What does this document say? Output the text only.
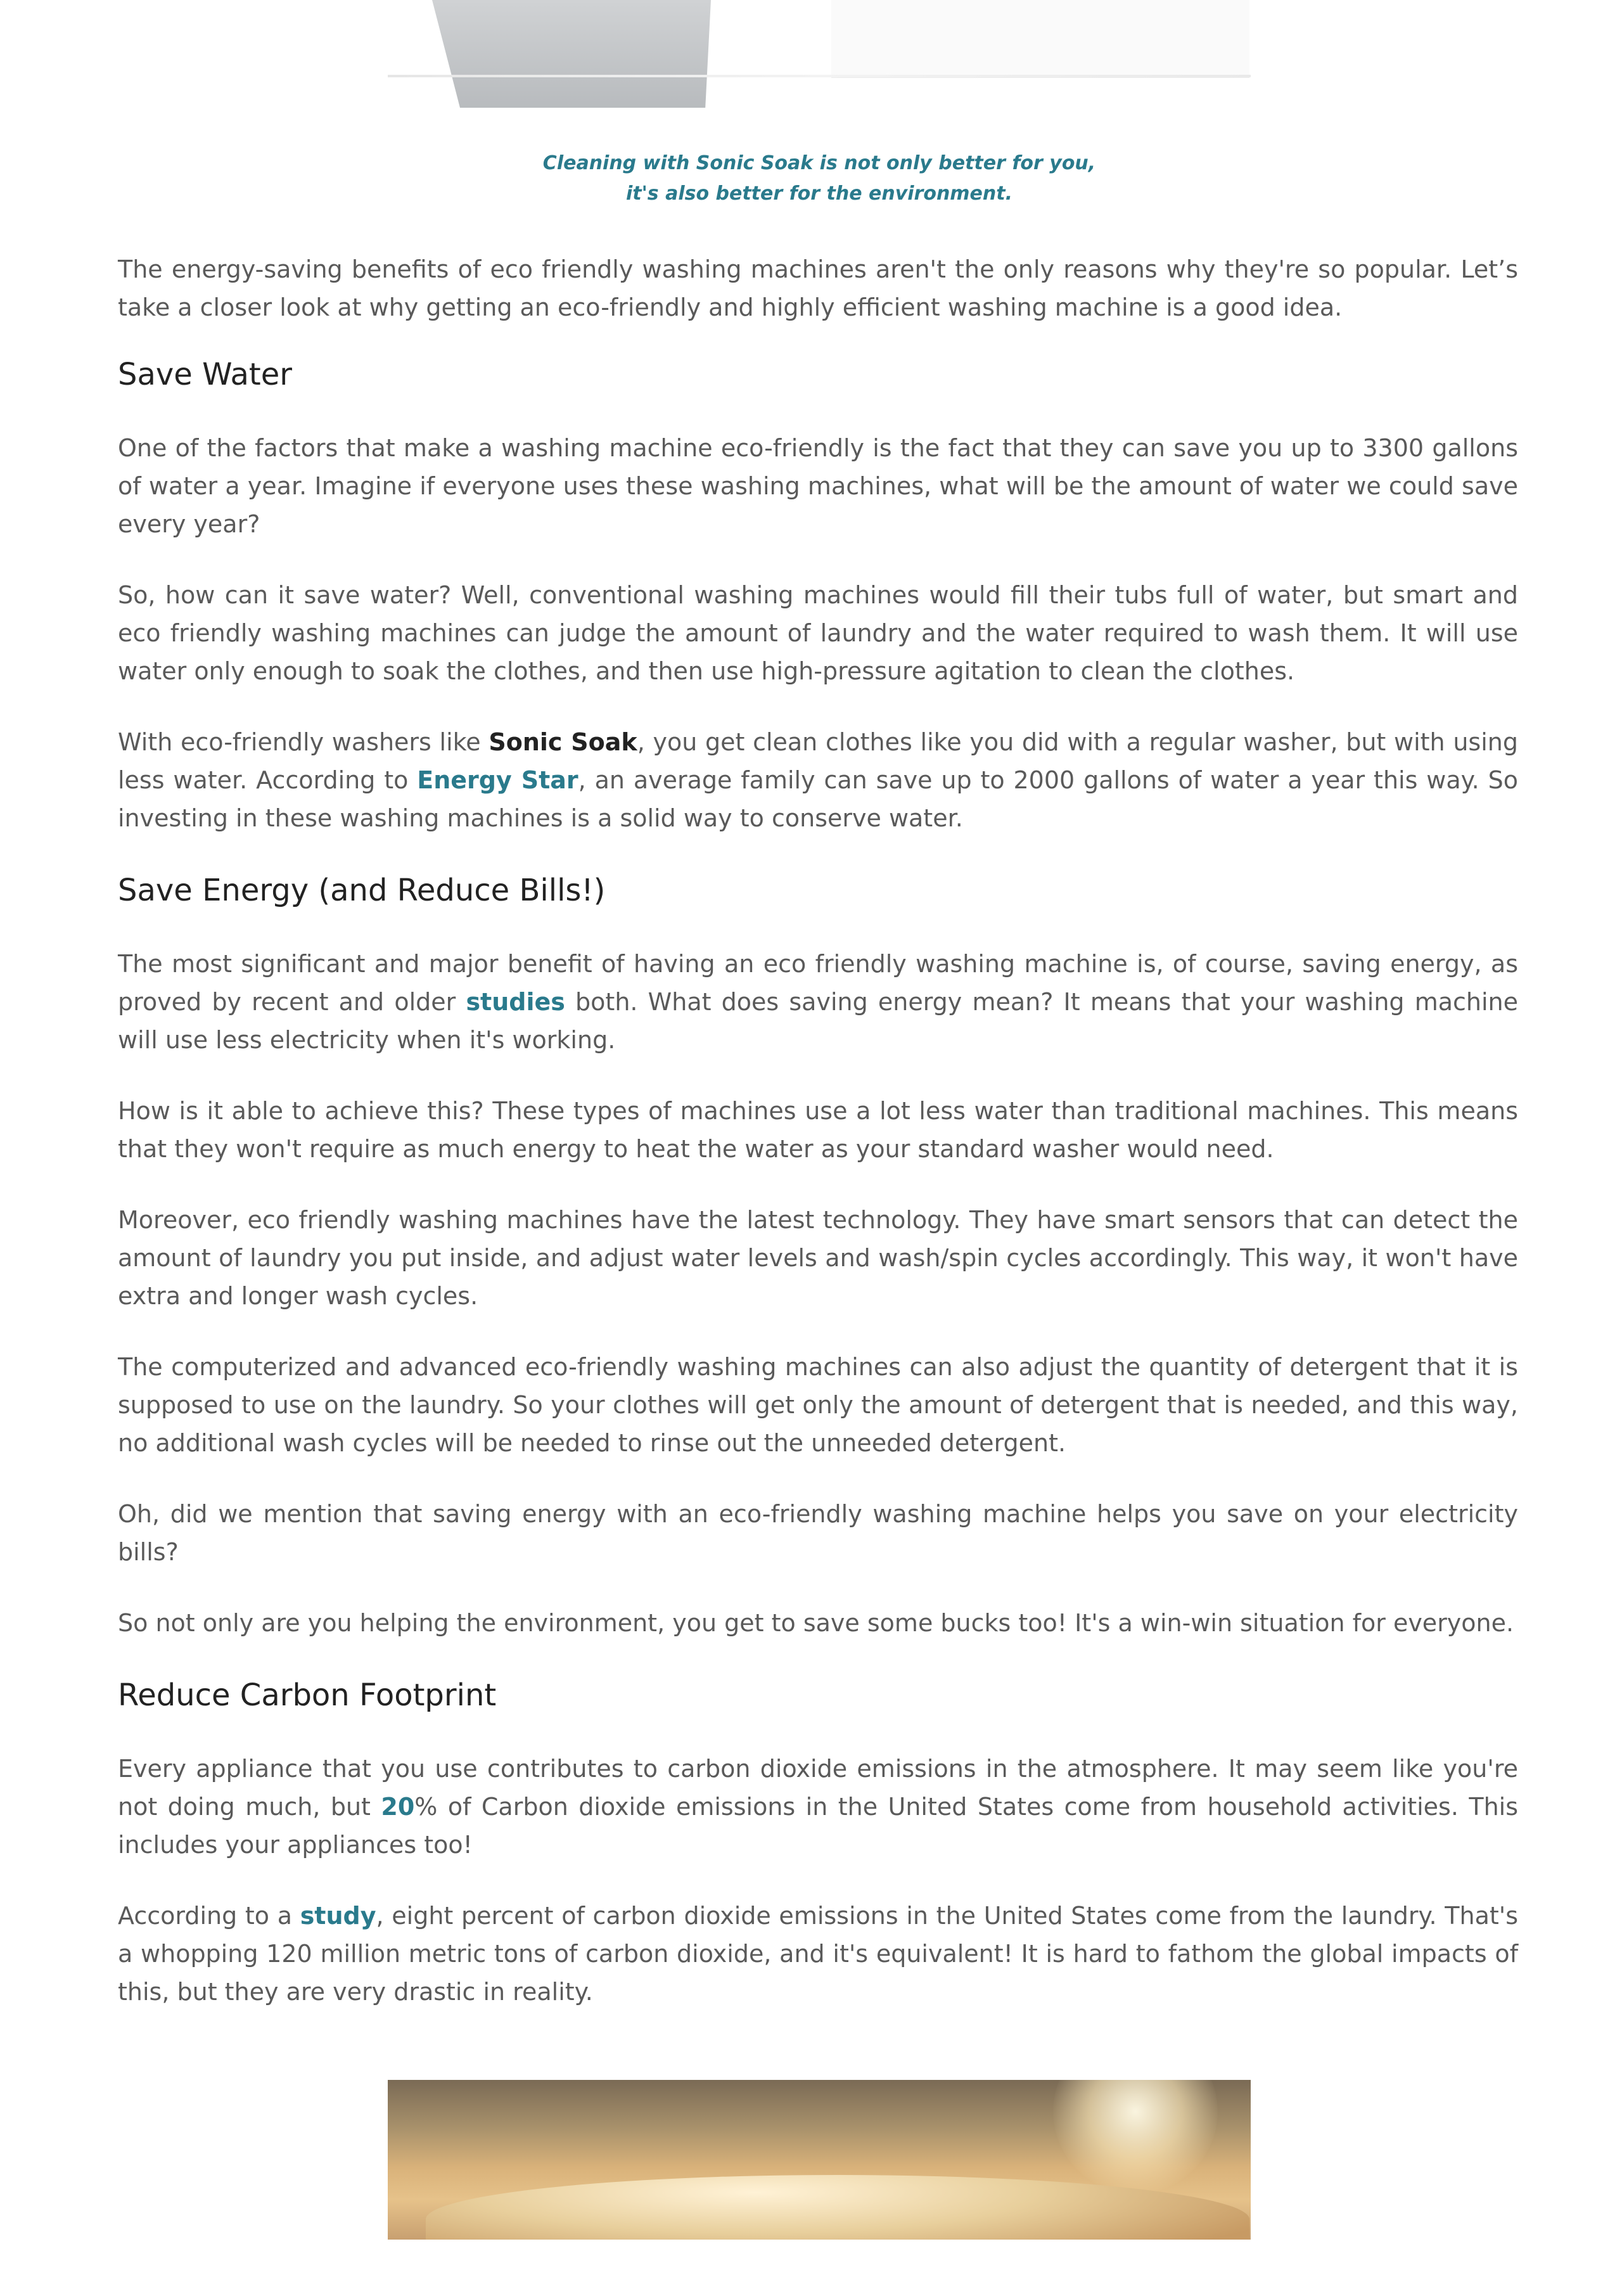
Cleaning with Sonic Soak is not only better for you,
it's also better for the environment.

The energy-saving benefits of eco friendly washing machines aren't the only reasons why they're so popular. Let’s take a closer look at why getting an eco-friendly and highly efficient washing machine is a good idea.

Save Water

One of the factors that make a washing machine eco-friendly is the fact that they can save you up to 3300 gallons of water a year. Imagine if everyone uses these washing machines, what will be the amount of water we could save every year?

So, how can it save water? Well, conventional washing machines would fill their tubs full of water, but smart and eco friendly washing machines can judge the amount of laundry and the water required to wash them. It will use water only enough to soak the clothes, and then use high-pressure agitation to clean the clothes.

With eco-friendly washers like Sonic Soak, you get clean clothes like you did with a regular washer, but with using less water. According to Energy Star, an average family can save up to 2000 gallons of water a year this way. So investing in these washing machines is a solid way to conserve water.

Save Energy (and Reduce Bills!)

The most significant and major benefit of having an eco friendly washing machine is, of course, saving energy, as proved by recent and older studies both. What does saving energy mean? It means that your washing machine will use less electricity when it's working.

How is it able to achieve this? These types of machines use a lot less water than traditional machines. This means that they won't require as much energy to heat the water as your standard washer would need.

Moreover, eco friendly washing machines have the latest technology. They have smart sensors that can detect the amount of laundry you put inside, and adjust water levels and wash/spin cycles accordingly. This way, it won't have extra and longer wash cycles.

The computerized and advanced eco-friendly washing machines can also adjust the quantity of detergent that it is supposed to use on the laundry. So your clothes will get only the amount of detergent that is needed, and this way, no additional wash cycles will be needed to rinse out the unneeded detergent.

Oh, did we mention that saving energy with an eco-friendly washing machine helps you save on your electricity bills?

So not only are you helping the environment, you get to save some bucks too! It's a win-win situation for everyone.

Reduce Carbon Footprint

Every appliance that you use contributes to carbon dioxide emissions in the atmosphere. It may seem like you're not doing much, but 20% of Carbon dioxide emissions in the United States come from household activities. This includes your appliances too!

According to a study, eight percent of carbon dioxide emissions in the United States come from the laundry. That's a whopping 120 million metric tons of carbon dioxide, and it's equivalent! It is hard to fathom the global impacts of this, but they are very drastic in reality.
